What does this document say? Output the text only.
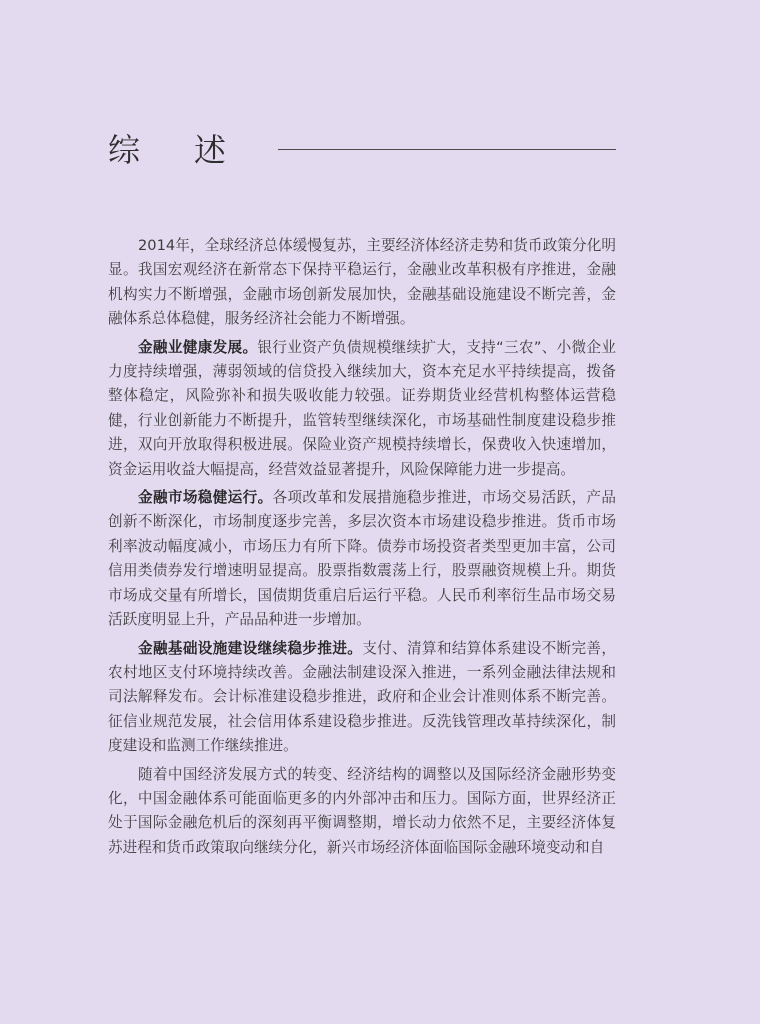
综述

2014年，全球经济总体缓慢复苏，主要经济体经济走势和货币政策分化明显。我国宏观经济在新常态下保持平稳运行，金融业改革积极有序推进，金融机构实力不断增强，金融市场创新发展加快，金融基础设施建设不断完善，金融体系总体稳健，服务经济社会能力不断增强。

金融业健康发展。银行业资产负债规模继续扩大，支持“三农”、小微企业力度持续增强，薄弱领域的信贷投入继续加大，资本充足水平持续提高，拨备整体稳定，风险弥补和损失吸收能力较强。证券期货业经营机构整体运营稳健，行业创新能力不断提升，监管转型继续深化，市场基础性制度建设稳步推进，双向开放取得积极进展。保险业资产规模持续增长，保费收入快速增加，资金运用收益大幅提高，经营效益显著提升，风险保障能力进一步提高。

金融市场稳健运行。各项改革和发展措施稳步推进，市场交易活跃，产品创新不断深化，市场制度逐步完善，多层次资本市场建设稳步推进。货币市场利率波动幅度减小，市场压力有所下降。债券市场投资者类型更加丰富，公司信用类债券发行增速明显提高。股票指数震荡上行，股票融资规模上升。期货市场成交量有所增长，国债期货重启后运行平稳。人民币利率衍生品市场交易活跃度明显上升，产品品种进一步增加。

金融基础设施建设继续稳步推进。支付、清算和结算体系建设不断完善，农村地区支付环境持续改善。金融法制建设深入推进，一系列金融法律法规和司法解释发布。会计标准建设稳步推进，政府和企业会计准则体系不断完善。征信业规范发展，社会信用体系建设稳步推进。反洗钱管理改革持续深化，制度建设和监测工作继续推进。

随着中国经济发展方式的转变、经济结构的调整以及国际经济金融形势变化，中国金融体系可能面临更多的内外部冲击和压力。国际方面，世界经济正处于国际金融危机后的深刻再平衡调整期，增长动力依然不足，主要经济体复苏进程和货币政策取向继续分化，新兴市场经济体面临国际金融环境变动和自
